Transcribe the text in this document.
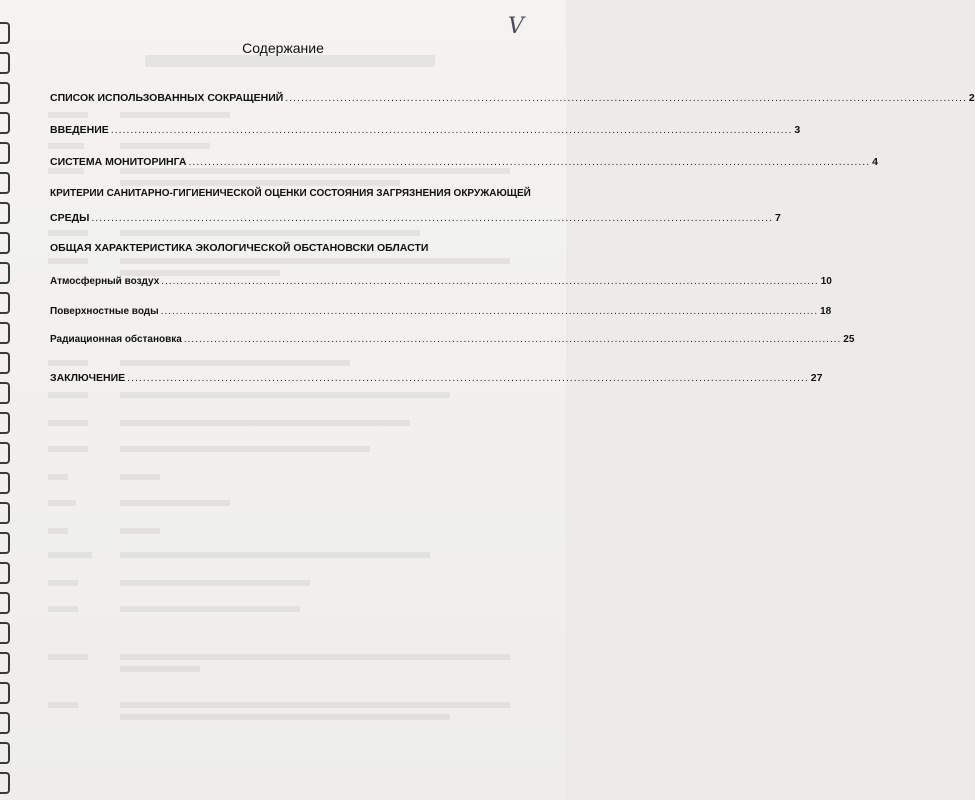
V
Содержание
СПИСОК ИСПОЛЬЗОВАННЫХ СОКРАЩЕНИЙ .............................................................................................................................................................................. 2
ВВЕДЕНИЕ .............................................................................................................................................................................. 3
СИСТЕМА МОНИТОРИНГА .............................................................................................................................................................................. 4
КРИТЕРИИ САНИТАРНО-ГИГИЕНИЧЕСКОЙ ОЦЕНКИ СОСТОЯНИЯ ЗАГРЯЗНЕНИЯ ОКРУЖАЮЩЕЙ
СРЕДЫ .............................................................................................................................................................................. 7
ОБЩАЯ ХАРАКТЕРИСТИКА ЭКОЛОГИЧЕСКОЙ ОБСТАНОВСКИ ОБЛАСТИ
Атмосферный воздух .............................................................................................................................................................................. 10
Поверхностные воды .............................................................................................................................................................................. 18
Радиационная обстановка .............................................................................................................................................................................. 25
ЗАКЛЮЧЕНИЕ .............................................................................................................................................................................. 27
